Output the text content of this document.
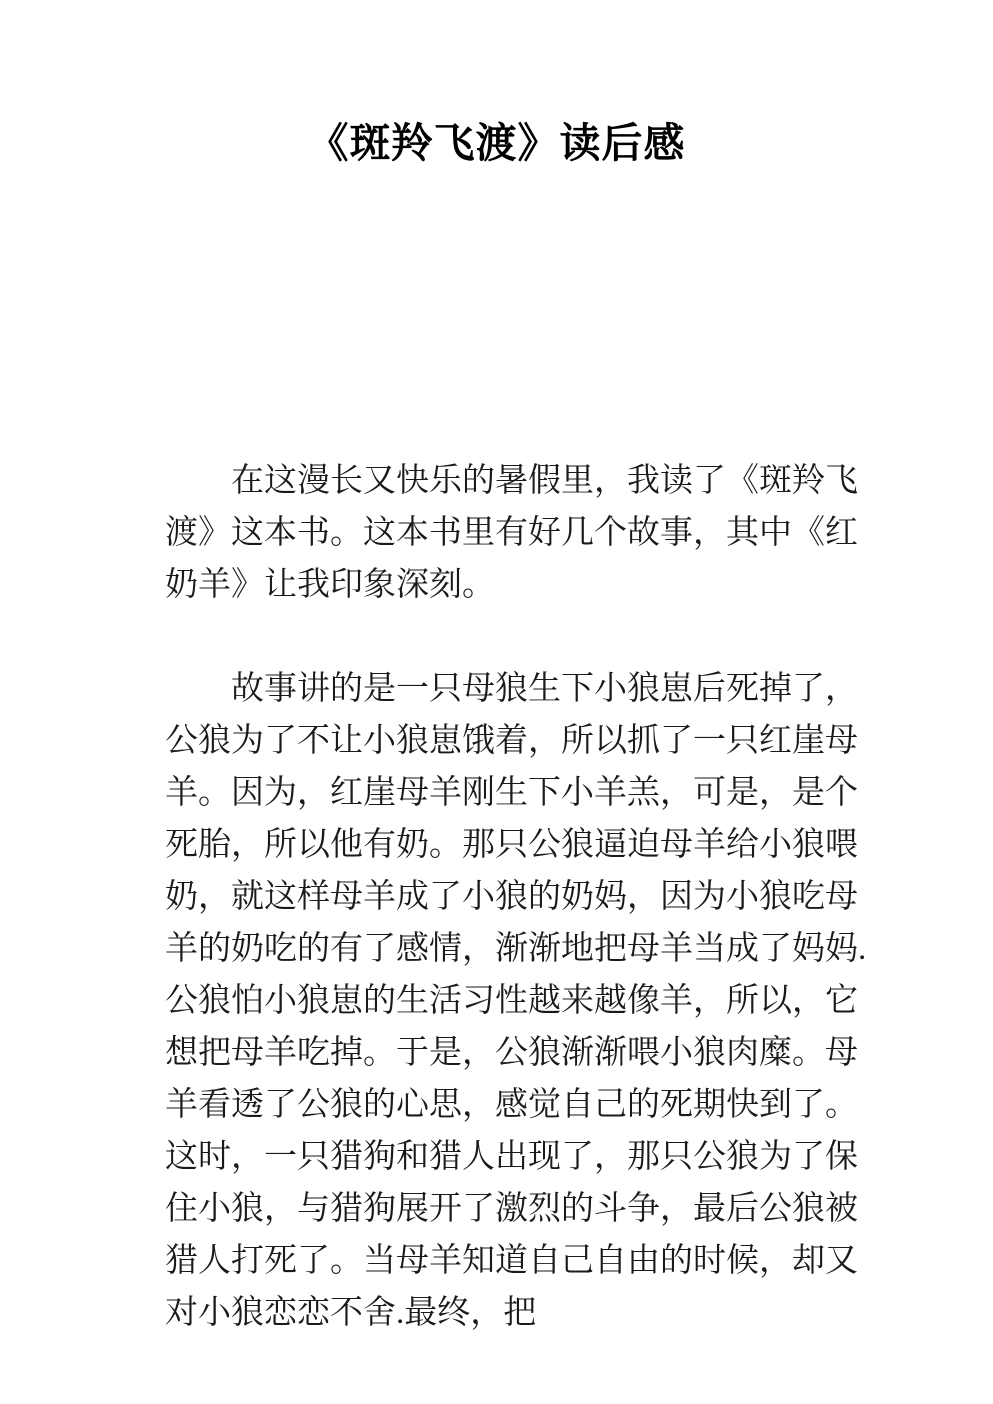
《斑羚飞渡》读后感

在这漫长又快乐的暑假里，我读了《斑羚飞渡》这本书。这本书里有好几个故事，其中《红奶羊》让我印象深刻。

故事讲的是一只母狼生下小狼崽后死掉了，公狼为了不让小狼崽饿着，所以抓了一只红崖母羊。因为，红崖母羊刚生下小羊羔，可是，是个死胎，所以他有奶。那只公狼逼迫母羊给小狼喂奶，就这样母羊成了小狼的奶妈，因为小狼吃母羊的奶吃的有了感情，渐渐地把母羊当成了妈妈.公狼怕小狼崽的生活习性越来越像羊，所以，它想把母羊吃掉。于是，公狼渐渐喂小狼肉糜。母羊看透了公狼的心思，感觉自己的死期快到了。这时，一只猎狗和猎人出现了，那只公狼为了保住小狼，与猎狗展开了激烈的斗争，最后公狼被猎人打死了。当母羊知道自己自由的时候，却又对小狼恋恋不舍.最终，把
